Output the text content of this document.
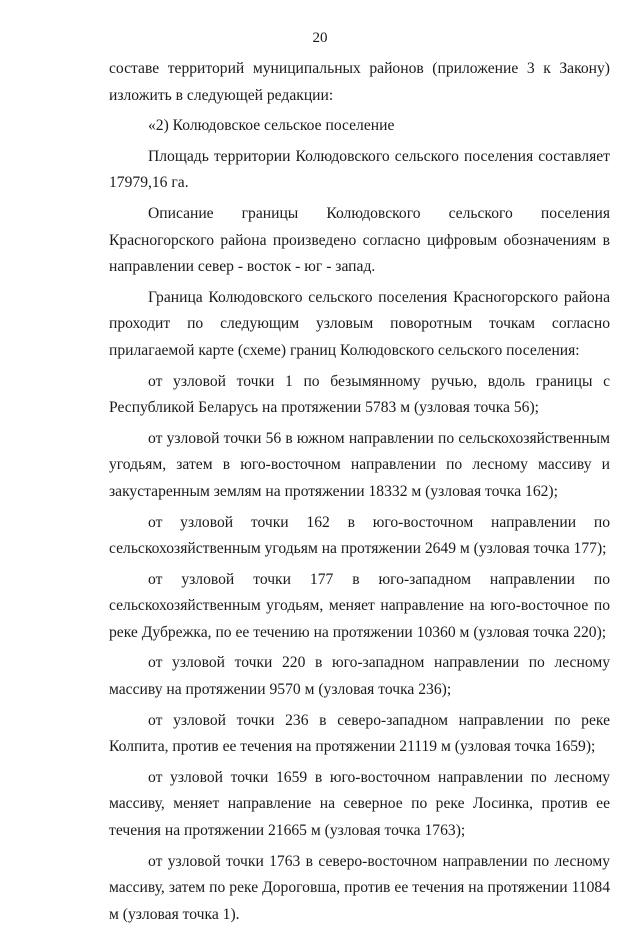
20

составе территорий муниципальных районов (приложение 3 к Закону) изложить в следующей редакции:

«2) Колюдовское сельское поселение

Площадь территории Колюдовского сельского поселения составляет 17979,16 га.

Описание границы Колюдовского сельского поселения Красногорского района произведено согласно цифровым обозначениям в направлении север - восток - юг - запад.

Граница Колюдовского сельского поселения Красногорского района проходит по следующим узловым поворотным точкам согласно прилагаемой карте (схеме) границ Колюдовского сельского поселения:

от узловой точки 1 по безымянному ручью, вдоль границы с Республикой Беларусь на протяжении 5783 м (узловая точка 56);

от узловой точки 56 в южном направлении по сельскохозяйственным угодьям, затем в юго-восточном направлении по лесному массиву и закустаренным землям на протяжении 18332 м (узловая точка 162);

от узловой точки 162 в юго-восточном направлении по сельскохозяйственным угодьям на протяжении 2649 м (узловая точка 177);

от узловой точки 177 в юго-западном направлении по сельскохозяйственным угодьям, меняет направление на юго-восточное по реке Дубрежка, по ее течению на протяжении 10360 м (узловая точка 220);

от узловой точки 220 в юго-западном направлении по лесному массиву на протяжении 9570 м (узловая точка 236);

от узловой точки 236 в северо-западном направлении по реке Колпита, против ее течения на протяжении 21119 м (узловая точка 1659);

от узловой точки 1659 в юго-восточном направлении по лесному массиву, меняет направление на северное по реке Лосинка, против ее течения на протяжении 21665 м (узловая точка 1763);

от узловой точки 1763 в северо-восточном направлении по лесному массиву, затем по реке Дороговша, против ее течения на протяжении 11084 м (узловая точка 1).
